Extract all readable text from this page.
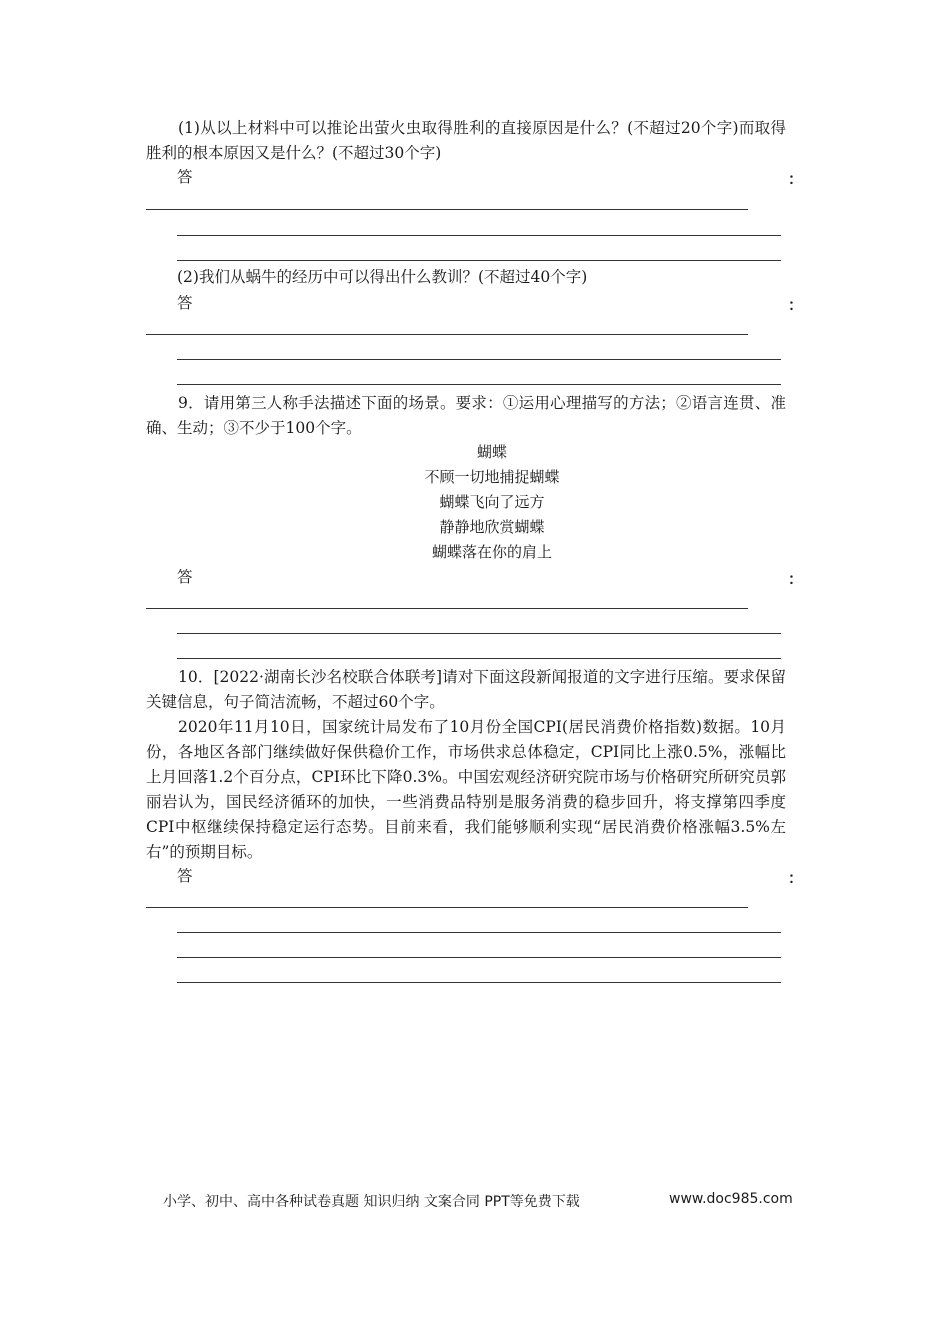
(1)从以上材料中可以推论出萤火虫取得胜利的直接原因是什么？(不超过20个字)而取得胜利的根本原因又是什么？(不超过30个字)
答	：
(2)我们从蜗牛的经历中可以得出什么教训？(不超过40个字)
答	：
9．请用第三人称手法描述下面的场景。要求：①运用心理描写的方法；②语言连贯、准确、生动；③不少于100个字。
蝴蝶
不顾一切地捕捉蝴蝶
蝴蝶飞向了远方
静静地欣赏蝴蝶
蝴蝶落在你的肩上
答	：
10．[2022·湖南长沙名校联合体联考]请对下面这段新闻报道的文字进行压缩。要求保留关键信息，句子简洁流畅，不超过60个字。
2020年11月10日，国家统计局发布了10月份全国CPI(居民消费价格指数)数据。10月份，各地区各部门继续做好保供稳价工作，市场供求总体稳定，CPI同比上涨0.5%，涨幅比上月回落1.2个百分点，CPI环比下降0.3%。中国宏观经济研究院市场与价格研究所研究员郭丽岩认为，国民经济循环的加快，一些消费品特别是服务消费的稳步回升，将支撑第四季度CPI中枢继续保持稳定运行态势。目前来看，我们能够顺利实现“居民消费价格涨幅3.5%左右”的预期目标。
答	：
小学、初中、高中各种试卷真题 知识归纳 文案合同 PPT等免费下载	www.doc985.com
